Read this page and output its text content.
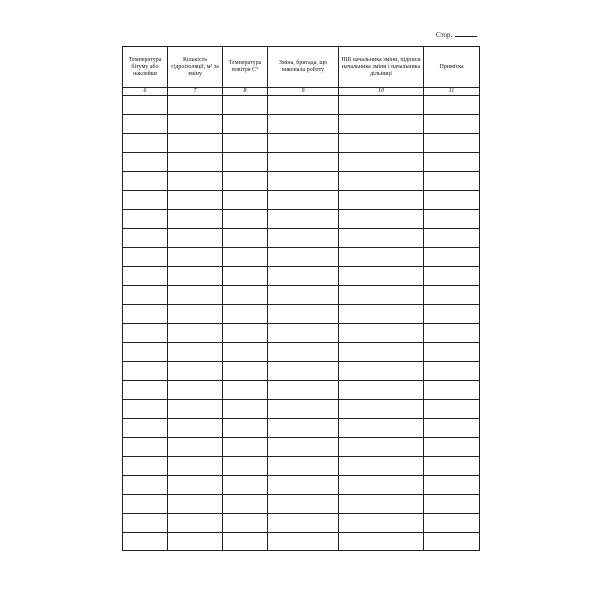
Стор.
Температура бітуму або наклейки	Кількість гідроізоляції, м² за зміну	Температура повітря С°	Зміна, бригада, що виконала роботу	ПІБ начальника зміни, підписи начальника зміни і начальника дільниці	Примітка
6	7	8	9	10	11
